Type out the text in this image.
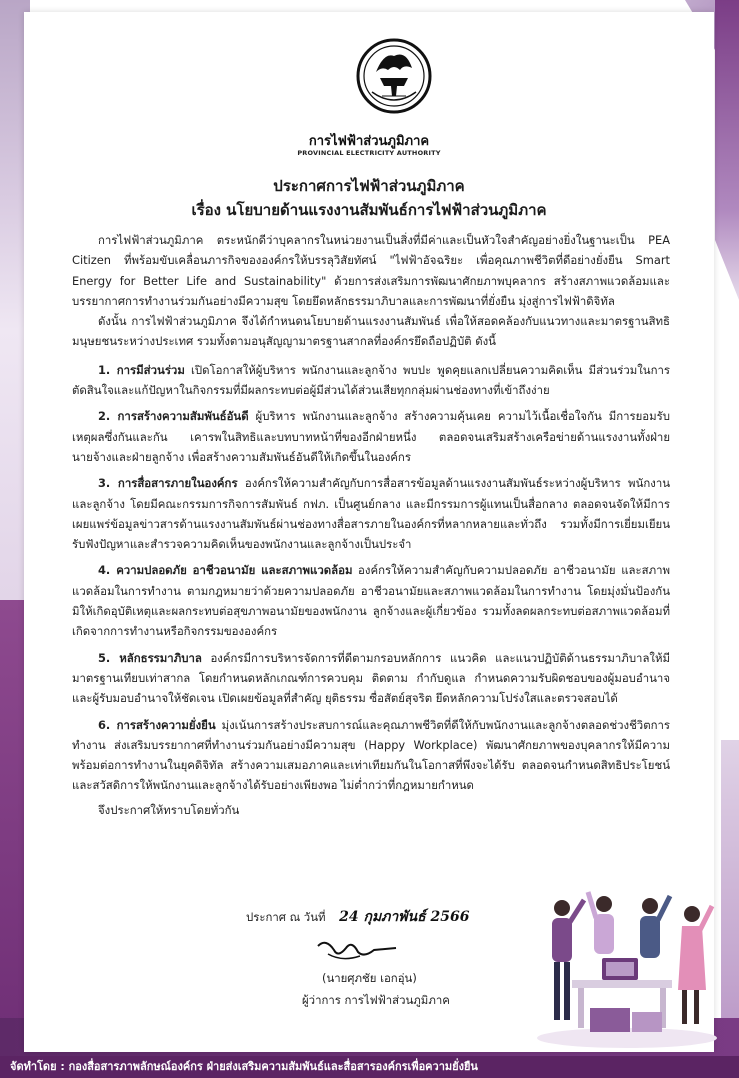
การไฟฟ้าส่วนภูมิภาค
PROVINCIAL ELECTRICITY AUTHORITY
ประกาศการไฟฟ้าส่วนภูมิภาค
เรื่อง นโยบายด้านแรงงานสัมพันธ์การไฟฟ้าส่วนภูมิภาค

การไฟฟ้าส่วนภูมิภาค ตระหนักดีว่าบุคลากรในหน่วยงานเป็นสิ่งที่มีค่าและเป็นหัวใจสำคัญอย่างยิ่งในฐานะเป็น PEA Citizen ที่พร้อมขับเคลื่อนภารกิจขององค์กรให้บรรลุวิสัยทัศน์ "ไฟฟ้าอัจฉริยะ เพื่อคุณภาพชีวิตที่ดีอย่างยั่งยืน Smart Energy for Better Life and Sustainability" ด้วยการส่งเสริมการพัฒนาศักยภาพบุคลากร สร้างสภาพแวดล้อมและบรรยากาศการทำงานร่วมกันอย่างมีความสุข โดยยึดหลักธรรมาภิบาลและการพัฒนาที่ยั่งยืน มุ่งสู่การไฟฟ้าดิจิทัล

ดังนั้น การไฟฟ้าส่วนภูมิภาค จึงได้กำหนดนโยบายด้านแรงงานสัมพันธ์ เพื่อให้สอดคล้องกับแนวทางและมาตรฐานสิทธิมนุษยชนระหว่างประเทศ รวมทั้งตามอนุสัญญามาตรฐานสากลที่องค์กรยึดถือปฏิบัติ ดังนี้

1. การมีส่วนร่วม เปิดโอกาสให้ผู้บริหาร พนักงานและลูกจ้าง พบปะ พูดคุยแลกเปลี่ยนความคิดเห็น มีส่วนร่วมในการตัดสินใจและแก้ปัญหาในกิจกรรมที่มีผลกระทบต่อผู้มีส่วนได้ส่วนเสียทุกกลุ่มผ่านช่องทางที่เข้าถึงง่าย

2. การสร้างความสัมพันธ์อันดี ผู้บริหาร พนักงานและลูกจ้าง สร้างความคุ้นเคย ความไว้เนื้อเชื่อใจกัน มีการยอมรับเหตุผลซึ่งกันและกัน เคารพในสิทธิและบทบาทหน้าที่ของอีกฝ่ายหนึ่ง ตลอดจนเสริมสร้างเครือข่ายด้านแรงงานทั้งฝ่ายนายจ้างและฝ่ายลูกจ้าง เพื่อสร้างความสัมพันธ์อันดีให้เกิดขึ้นในองค์กร

3. การสื่อสารภายในองค์กร องค์กรให้ความสำคัญกับการสื่อสารข้อมูลด้านแรงงานสัมพันธ์ระหว่างผู้บริหาร พนักงานและลูกจ้าง โดยมีคณะกรรมการกิจการสัมพันธ์ กฟภ. เป็นศูนย์กลาง และมีกรรมการผู้แทนเป็นสื่อกลาง ตลอดจนจัดให้มีการเผยแพร่ข้อมูลข่าวสารด้านแรงงานสัมพันธ์ผ่านช่องทางสื่อสารภายในองค์กรที่หลากหลายและทั่วถึง รวมทั้งมีการเยี่ยมเยียน รับฟังปัญหาและสำรวจความคิดเห็นของพนักงานและลูกจ้างเป็นประจำ

4. ความปลอดภัย อาชีวอนามัย และสภาพแวดล้อม องค์กรให้ความสำคัญกับความปลอดภัย อาชีวอนามัย และสภาพแวดล้อมในการทำงาน ตามกฎหมายว่าด้วยความปลอดภัย อาชีวอนามัยและสภาพแวดล้อมในการทำงาน โดยมุ่งมั่นป้องกันมิให้เกิดอุบัติเหตุและผลกระทบต่อสุขภาพอนามัยของพนักงาน ลูกจ้างและผู้เกี่ยวข้อง รวมทั้งลดผลกระทบต่อสภาพแวดล้อมที่เกิดจากการทำงานหรือกิจกรรมขององค์กร

5. หลักธรรมาภิบาล องค์กรมีการบริหารจัดการที่ดีตามกรอบหลักการ แนวคิด และแนวปฏิบัติด้านธรรมาภิบาลให้มีมาตรฐานเทียบเท่าสากล โดยกำหนดหลักเกณฑ์การควบคุม ติดตาม กำกับดูแล กำหนดความรับผิดชอบของผู้มอบอำนาจและผู้รับมอบอำนาจให้ชัดเจน เปิดเผยข้อมูลที่สำคัญ ยุติธรรม ซื่อสัตย์สุจริต ยึดหลักความโปร่งใสและตรวจสอบได้

6. การสร้างความยั่งยืน มุ่งเน้นการสร้างประสบการณ์และคุณภาพชีวิตที่ดีให้กับพนักงานและลูกจ้างตลอดช่วงชีวิตการทำงาน ส่งเสริมบรรยากาศที่ทำงานร่วมกันอย่างมีความสุข (Happy Workplace) พัฒนาศักยภาพของบุคลากรให้มีความพร้อมต่อการทำงานในยุคดิจิทัล สร้างความเสมอภาคและเท่าเทียมกันในโอกาสที่พึงจะได้รับ ตลอดจนกำหนดสิทธิประโยชน์และสวัสดิการให้พนักงานและลูกจ้างได้รับอย่างเพียงพอ ไม่ต่ำกว่าที่กฎหมายกำหนด

จึงประกาศให้ทราบโดยทั่วกัน

ประกาศ ณ วันที่ 24 กุมภาพันธ์ 2566
(นายศุภชัย เอกอุ่น)
ผู้ว่าการ การไฟฟ้าส่วนภูมิภาค
จัดทำโดย : กองสื่อสารภาพลักษณ์องค์กร ฝ่ายส่งเสริมความสัมพันธ์และสื่อสารองค์กรเพื่อความยั่งยืน
